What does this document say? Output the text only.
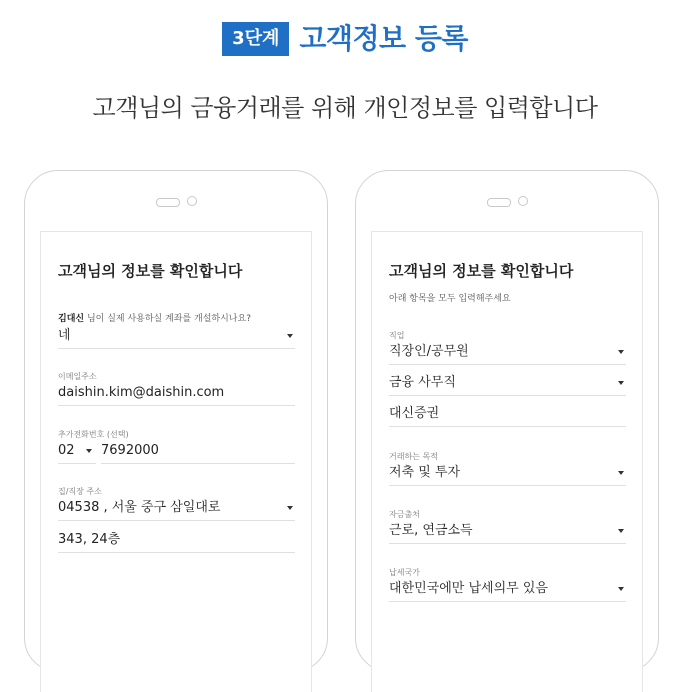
3단계 고객정보 등록
고객님의 금융거래를 위해 개인정보를 입력합니다
고객님의 정보를 확인합니다
김대신 님이 실제 사용하실 계좌를 개설하시나요?
네
이메일주소
daishin.kim@daishin.com
추가전화번호 (선택)
02	7692000
집/직장 주소
04538 , 서울 중구 삼일대로
343, 24층
고객님의 정보를 확인합니다
아래 항목을 모두 입력해주세요
직업
직장인/공무원
금융 사무직
대신증권
거래하는 목적
저축 및 투자
자금출처
근로, 연금소득
납세국가
대한민국에만 납세의무 있음
